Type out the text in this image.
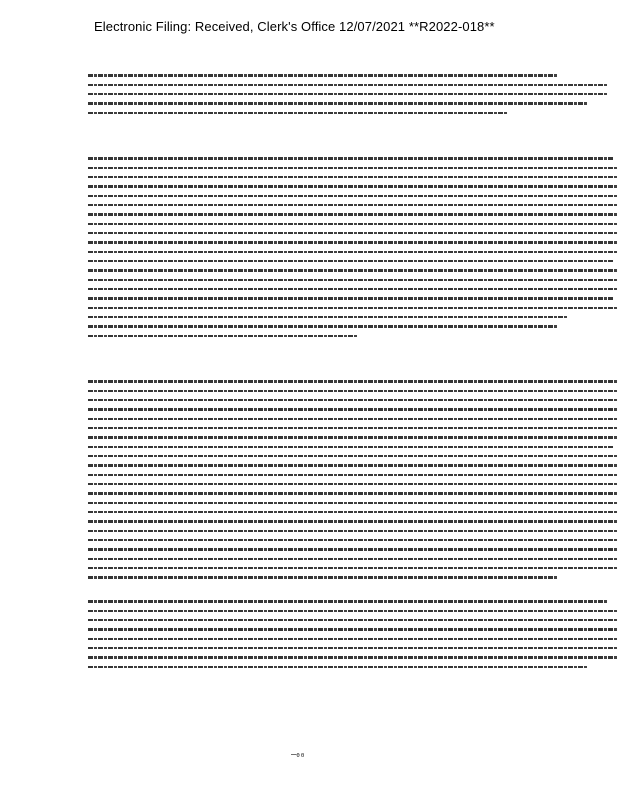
Electronic Filing: Received, Clerk's Office 12/07/2021 **R2022-018**
—₀₀
